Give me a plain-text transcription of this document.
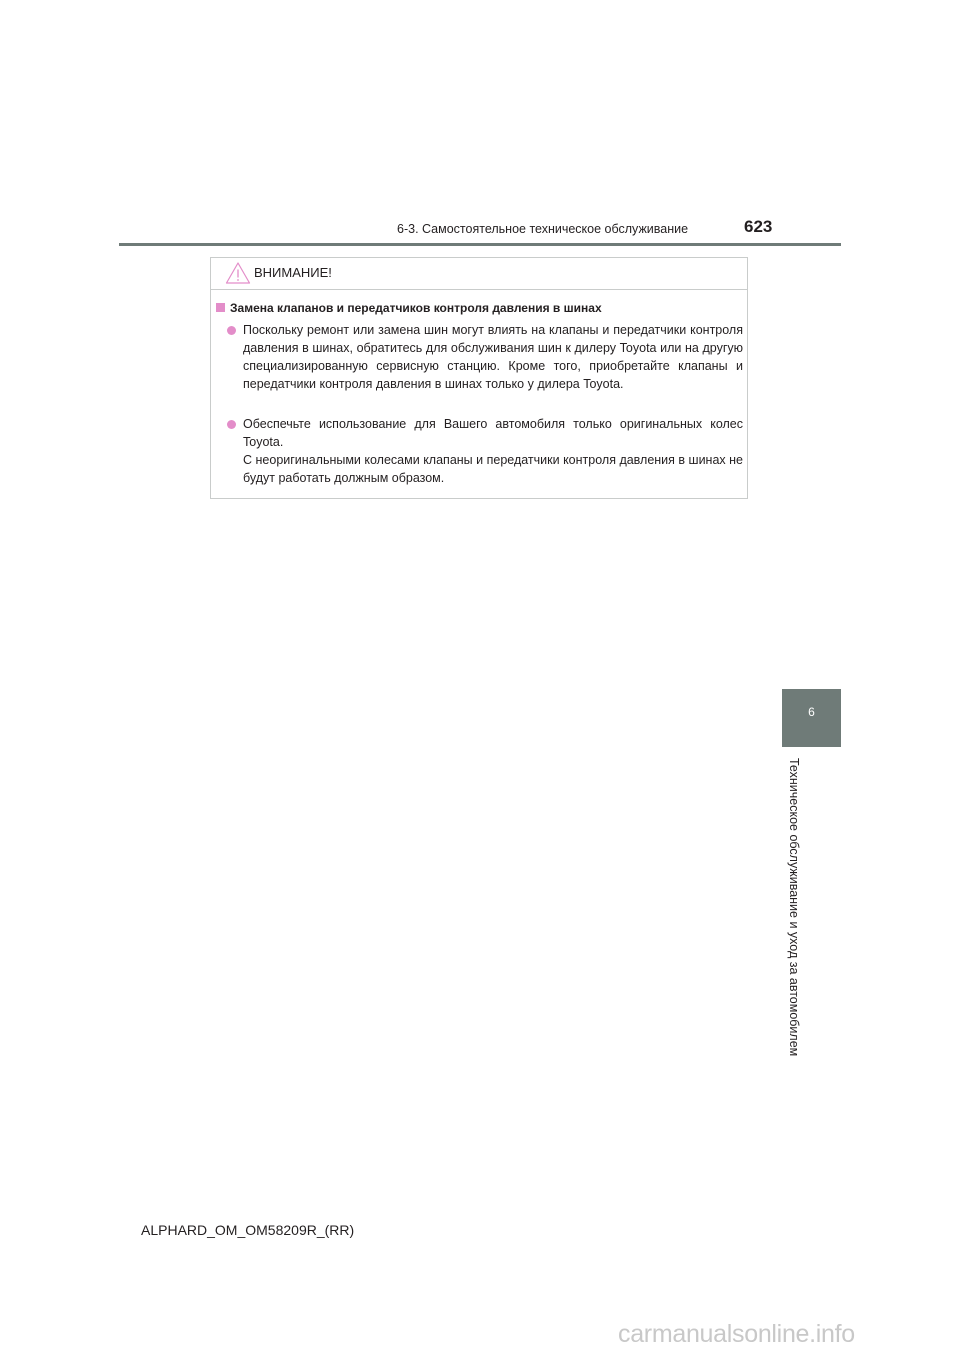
6-3. Самостоятельное техническое обслуживание	623
ВНИМАНИЕ!
Замена клапанов и передатчиков контроля давления в шинах

Поскольку ремонт или замена шин могут влиять на клапаны и передатчики контроля давления в шинах, обратитесь для обслуживания шин к дилеру Toyota или на другую специализированную сервисную станцию. Кроме того, приобретайте клапаны и передатчики контроля давления в шинах только у дилера Toyota.

Обеспечьте использование для Вашего автомобиля только оригинальных колес Toyota.

С неоригинальными колесами клапаны и передатчики контроля давления в шинах не будут работать должным образом.

6
Техническое обслуживание и уход за автомобилем
ALPHARD_OM_OM58209R_(RR)
carmanualsonline.info
